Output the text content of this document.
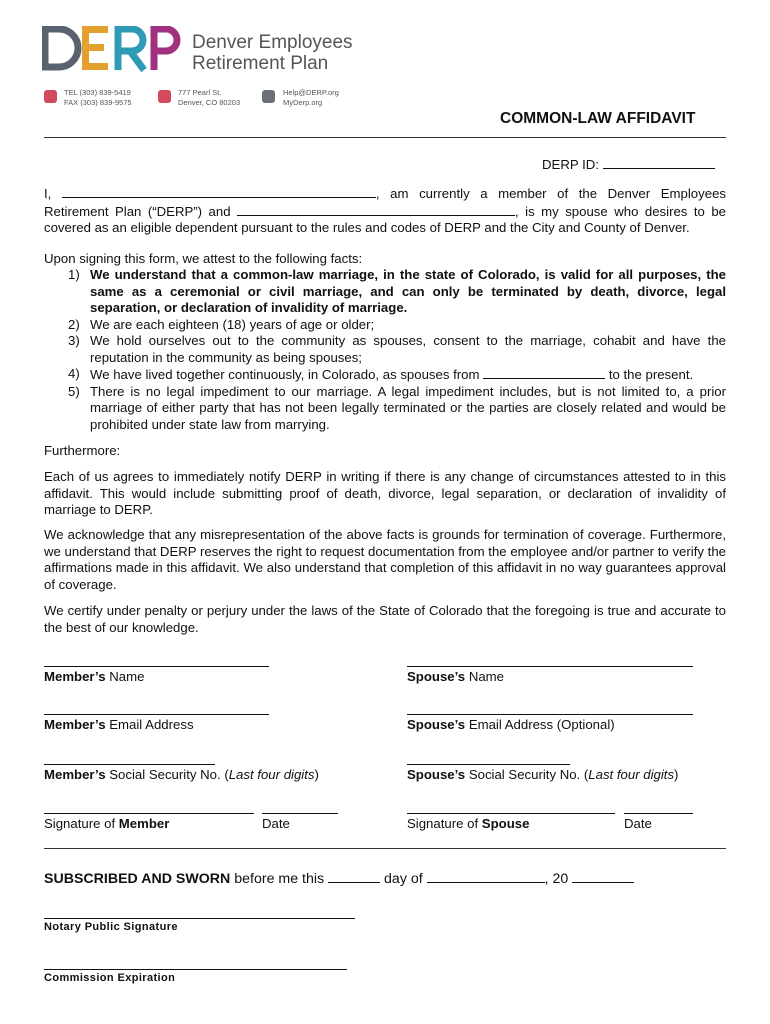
Denver Employees
Retirement Plan
TEL (303) 839-5419
FAX (303) 839-9575
777 Pearl St.
Denver, CO 80203
Help@DERP.org
MyDerp.org
COMMON-LAW AFFIDAVIT
DERP ID:
I,	, am currently a member of the Denver Employees Retirement Plan (“DERP”) and	, is my spouse who desires to be covered as an eligible dependent pursuant to the rules and codes of DERP and the City and County of Denver.
Upon signing this form, we attest to the following facts:
1) We understand that a common-law marriage, in the state of Colorado, is valid for all purposes, the same as a ceremonial or civil marriage, and can only be terminated by death, divorce, legal separation, or declaration of invalidity of marriage.
2) We are each eighteen (18) years of age or older;
3) We hold ourselves out to the community as spouses, consent to the marriage, cohabit and have the reputation in the community as being spouses;
4) We have lived together continuously, in Colorado, as spouses from	to the present.
5) There is no legal impediment to our marriage. A legal impediment includes, but is not limited to, a prior marriage of either party that has not been legally terminated or the parties are closely related and would be prohibited under state law from marrying.
Furthermore:
Each of us agrees to immediately notify DERP in writing if there is any change of circumstances attested to in this affidavit. This would include submitting proof of death, divorce, legal separation, or declaration of invalidity of marriage to DERP.
We acknowledge that any misrepresentation of the above facts is grounds for termination of coverage. Furthermore, we understand that DERP reserves the right to request documentation from the employee and/or partner to verify the affirmations made in this affidavit. We also understand that completion of this affidavit in no way guarantees approval of coverage.
We certify under penalty or perjury under the laws of the State of Colorado that the foregoing is true and accurate to the best of our knowledge.
Member’s Name
Member’s Email Address
Member’s Social Security No. (Last four digits)
Signature of Member	Date
Spouse’s Name
Spouse’s Email Address (Optional)
Spouse’s Social Security No. (Last four digits)
Signature of Spouse	Date
SUBSCRIBED AND SWORN before me this	day of	, 20
Notary Public Signature
Commission Expiration
